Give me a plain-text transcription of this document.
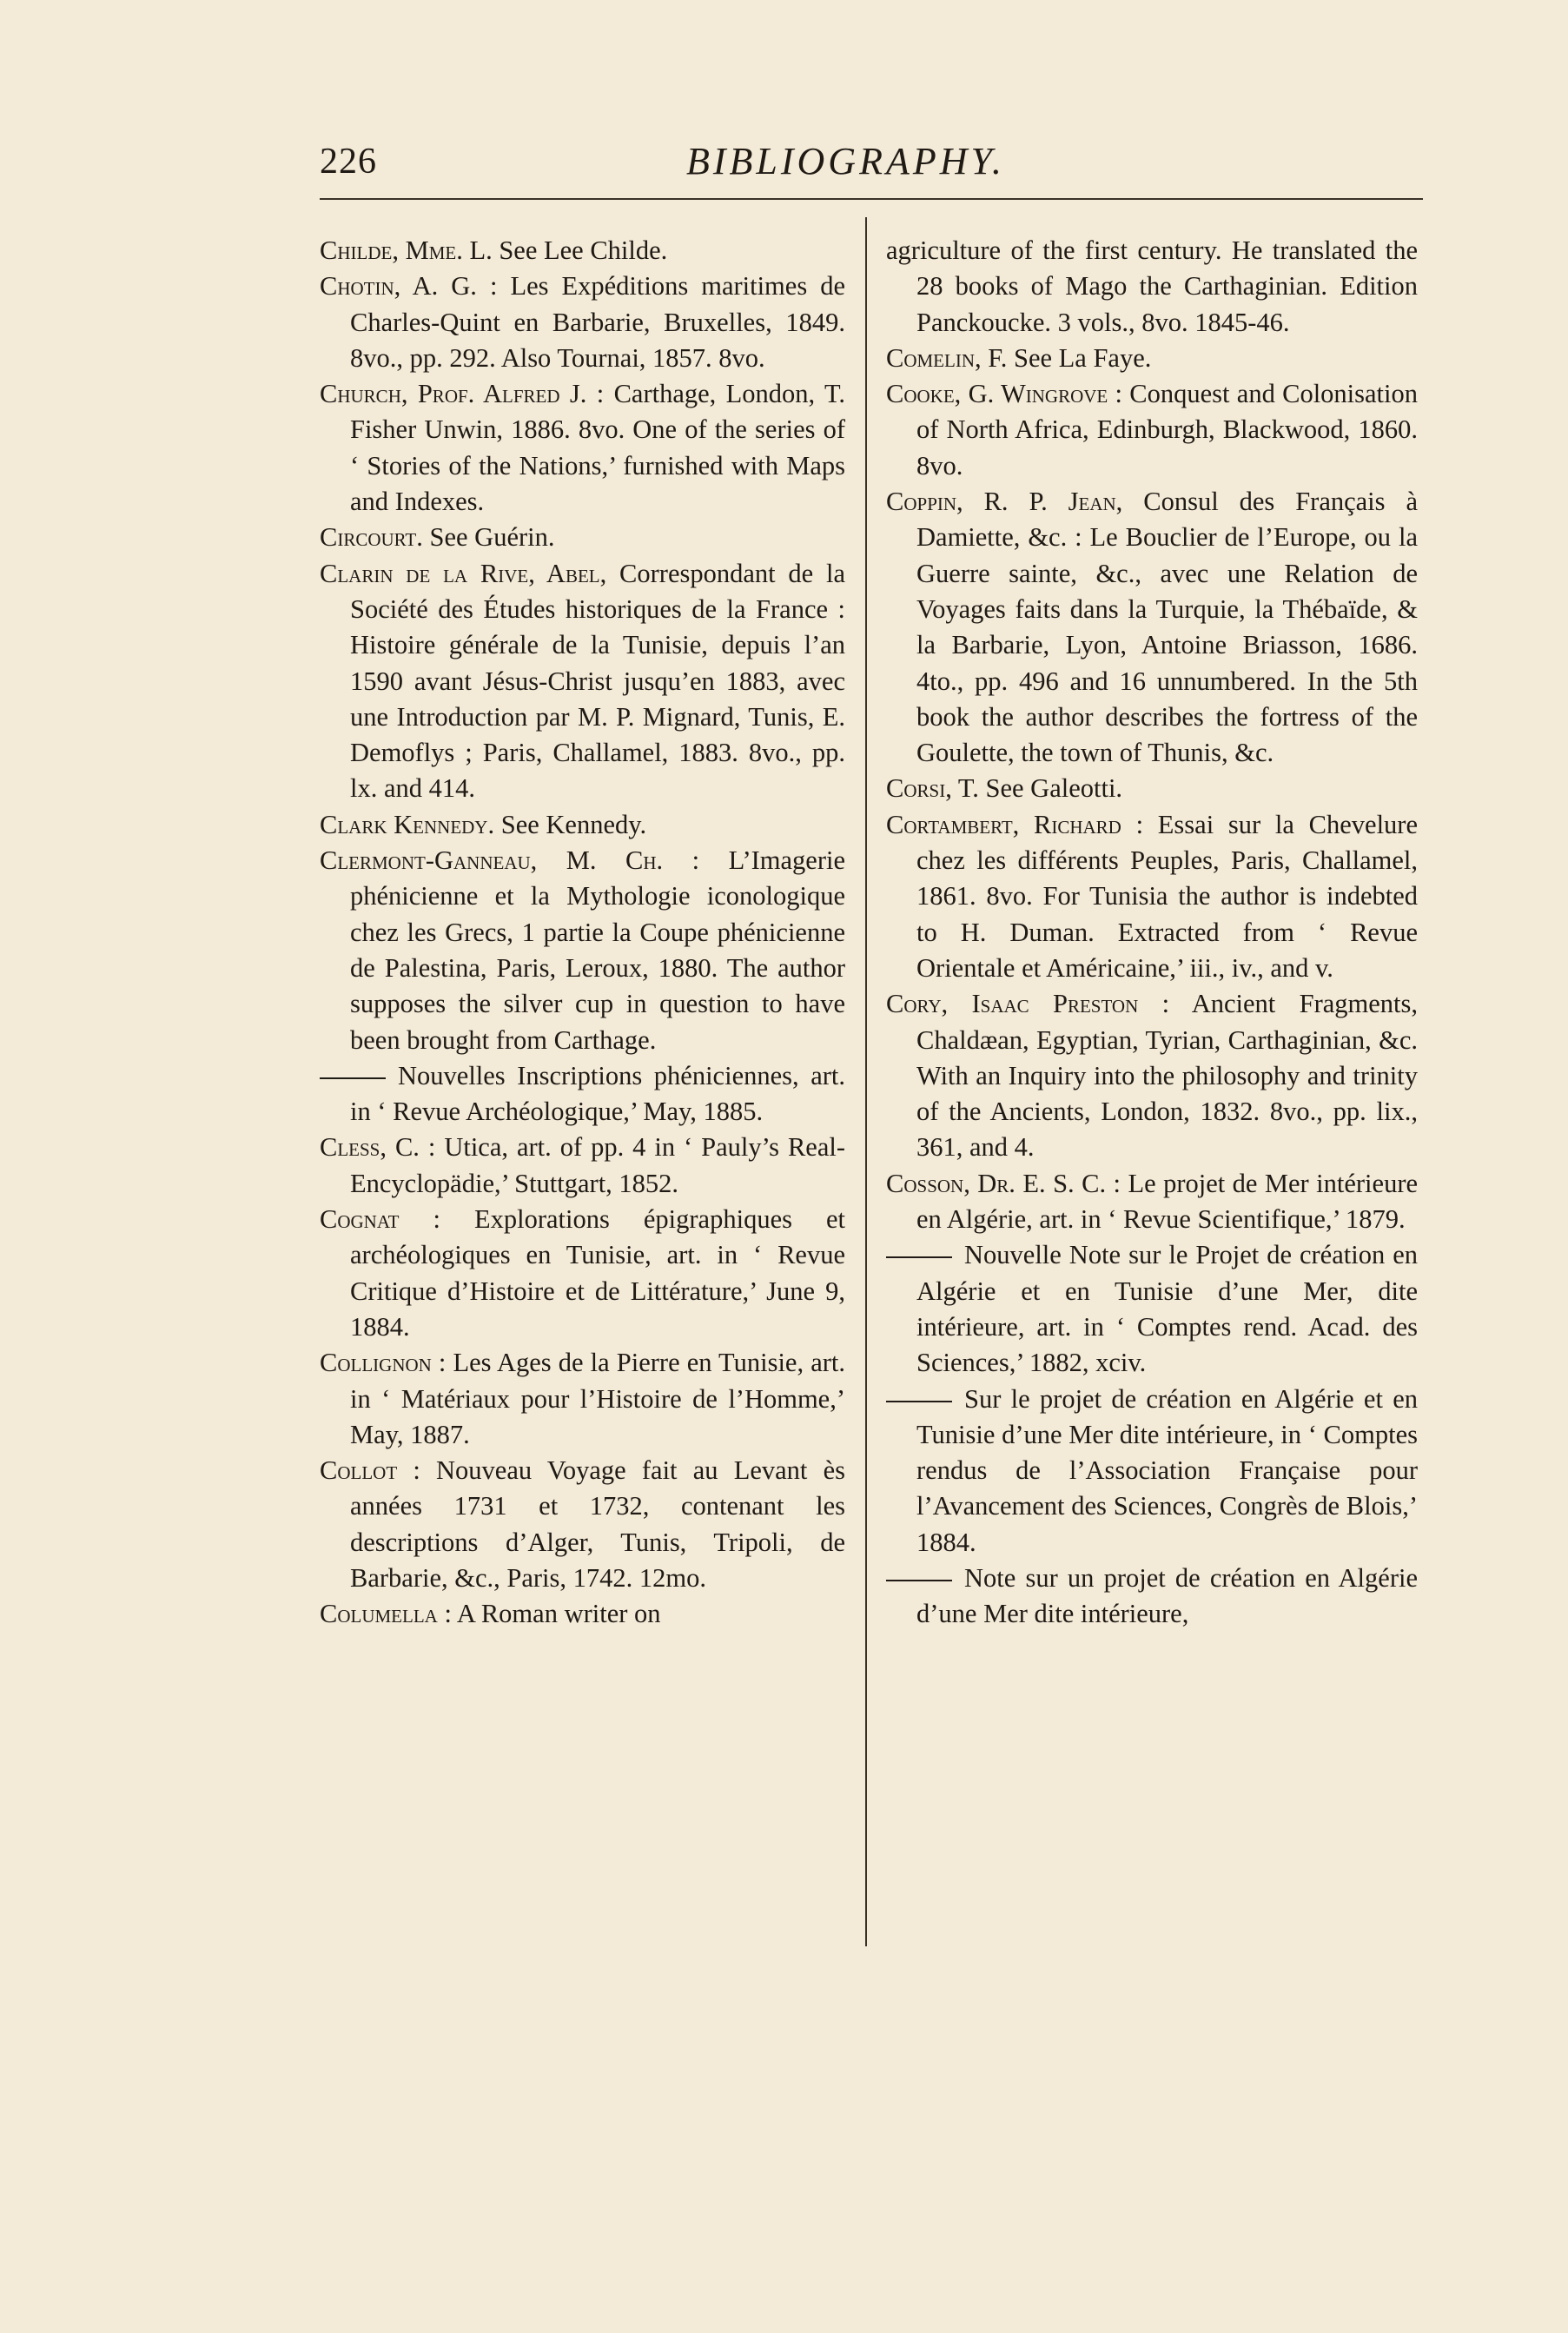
226	BIBLIOGRAPHY.

Childe, Mme. L. See Lee Childe.

Chotin, A. G. : Les Expéditions maritimes de Charles-Quint en Barbarie, Bruxelles, 1849. 8vo., pp. 292. Also Tournai, 1857. 8vo.

Church, Prof. Alfred J. : Carthage, London, T. Fisher Unwin, 1886. 8vo. One of the series of ‘ Stories of the Nations,’ furnished with Maps and Indexes.

Circourt. See Guérin.

Clarin de la Rive, Abel, Correspondant de la Société des Études historiques de la France : Histoire générale de la Tunisie, depuis l’an 1590 avant Jésus-Christ jusqu’en 1883, avec une Introduction par M. P. Mignard, Tunis, E. Demoflys ; Paris, Challamel, 1883. 8vo., pp. lx. and 414.

Clark Kennedy. See Kennedy.

Clermont-Ganneau, M. Ch. : L’Imagerie phénicienne et la Mythologie iconologique chez les Grecs, 1 partie la Coupe phénicienne de Palestina, Paris, Leroux, 1880. The author supposes the silver cup in question to have been brought from Carthage.

Nouvelles Inscriptions phéniciennes, art. in ‘ Revue Archéologique,’ May, 1885.

Cless, C. : Utica, art. of pp. 4 in ‘ Pauly’s Real-Encyclopädie,’ Stuttgart, 1852.

Cognat : Explorations épigraphiques et archéologiques en Tunisie, art. in ‘ Revue Critique d’Histoire et de Littérature,’ June 9, 1884.

Collignon : Les Ages de la Pierre en Tunisie, art. in ‘ Matériaux pour l’Histoire de l’Homme,’ May, 1887.

Collot : Nouveau Voyage fait au Levant ès années 1731 et 1732, contenant les descriptions d’Alger, Tunis, Tripoli, de Barbarie, &c., Paris, 1742. 12mo.

Columella : A Roman writer on

agriculture of the first century. He translated the 28 books of Mago the Carthaginian. Edition Panckoucke. 3 vols., 8vo. 1845-46.

Comelin, F. See La Faye.

Cooke, G. Wingrove : Conquest and Colonisation of North Africa, Edinburgh, Blackwood, 1860. 8vo.

Coppin, R. P. Jean, Consul des Français à Damiette, &c. : Le Bouclier de l’Europe, ou la Guerre sainte, &c., avec une Relation de Voyages faits dans la Turquie, la Thébaïde, & la Barbarie, Lyon, Antoine Briasson, 1686. 4to., pp. 496 and 16 unnumbered. In the 5th book the author describes the fortress of the Goulette, the town of Thunis, &c.

Corsi, T. See Galeotti.

Cortambert, Richard : Essai sur la Chevelure chez les différents Peuples, Paris, Challamel, 1861. 8vo. For Tunisia the author is indebted to H. Duman. Extracted from ‘ Revue Orientale et Américaine,’ iii., iv., and v.

Cory, Isaac Preston : Ancient Fragments, Chaldæan, Egyptian, Tyrian, Carthaginian, &c. With an Inquiry into the philosophy and trinity of the Ancients, London, 1832. 8vo., pp. lix., 361, and 4.

Cosson, Dr. E. S. C. : Le projet de Mer intérieure en Algérie, art. in ‘ Revue Scientifique,’ 1879.

Nouvelle Note sur le Projet de création en Algérie et en Tunisie d’une Mer, dite intérieure, art. in ‘ Comptes rend. Acad. des Sciences,’ 1882, xciv.

Sur le projet de création en Algérie et en Tunisie d’une Mer dite intérieure, in ‘ Comptes rendus de l’Association Française pour l’Avancement des Sciences, Congrès de Blois,’ 1884.

Note sur un projet de création en Algérie d’une Mer dite intérieure,
